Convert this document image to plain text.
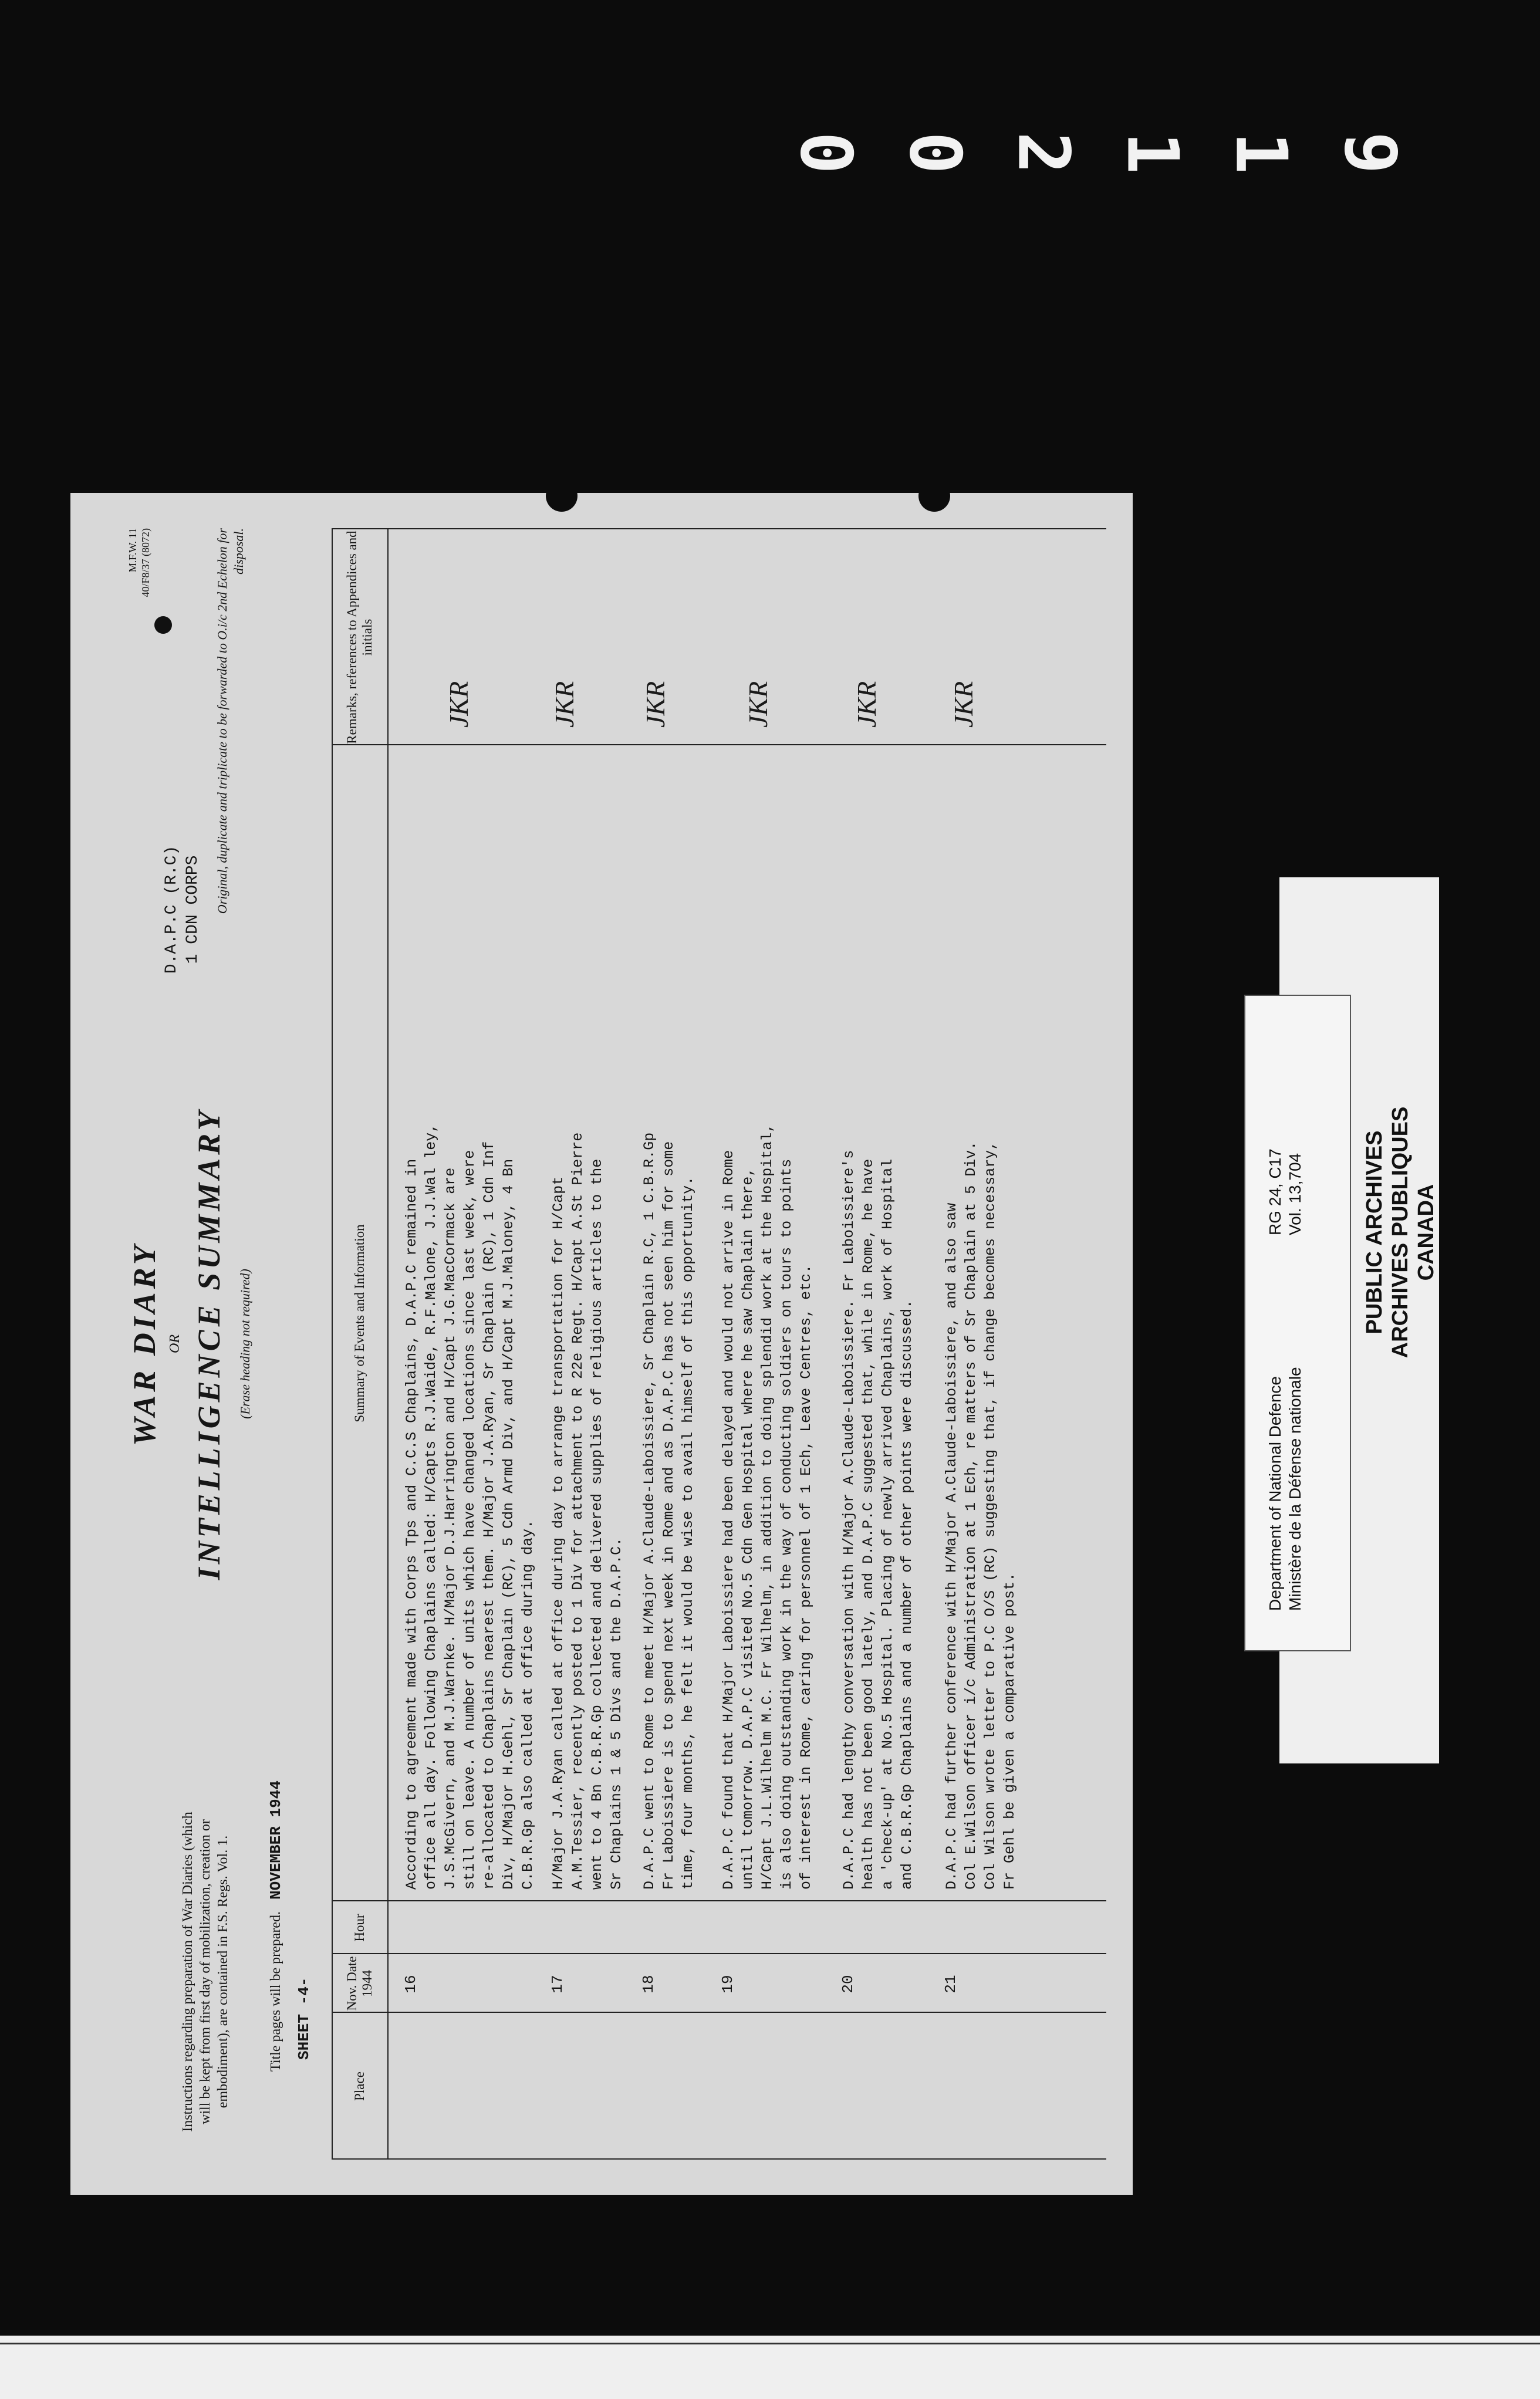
0 0 2 1 1 9
Instructions regarding preparation of War Diaries (which will be kept from first day of mobilization, creation or embodiment), are contained in F.S. Regs. Vol. 1.	Title pages will be prepared. NOVEMBER 1944
SHEET -4-
WAR DIARY OR INTELLIGENCE SUMMARY (Erase heading not required)
D.A.P.C (R.C) 1 CDN CORPS
M.F.W. 11
40/F8/37 (8072)	Original, duplicate and triplicate to be forwarded to O.i/c 2nd Echelon for disposal.
Place
Nov. Date 1944
Hour
Summary of Events and Information
Remarks, references to Appendices and initials
16
According to agreement made with Corps Tps and C.C.S Chaplains, D.A.P.C remained in
office all day. Following Chaplains called: H/Capts R.J.Waide, R.F.Malone, J.J.Wal ley,
J.S.McGivern, and M.J.Warnke. H/Major D.J.Harrington and H/Capt J.G.MacCormack are
still on leave. A number of units which have changed locations since last week, were
re-allocated to Chaplains nearest them. H/Major J.A.Ryan, Sr Chaplain (RC), 1 Cdn Inf
Div, H/Major H.Gehl, Sr Chaplain (RC), 5 Cdn Armd Div, and H/Capt M.J.Maloney, 4 Bn
C.B.R.Gp also called at office during day.
JKR
17
H/Major J.A.Ryan called at office during day to arrange transportation for H/Capt
A.M.Tessier, recently posted to 1 Div for attachment to R 22e Regt. H/Capt A.St Pierre
went to 4 Bn C.B.R.Gp collected and delivered supplies of religious articles to the
Sr Chaplains 1 & 5 Divs and the D.A.P.C.
JKR
18
D.A.P.C went to Rome to meet H/Major A.Claude-Laboissiere, Sr Chaplain R.C, 1 C.B.R.Gp
Fr Laboissiere is to spend next week in Rome and as D.A.P.C has not seen him for some
time, four months, he felt it would be wise to avail himself of this opportunity.
JKR
19
D.A.P.C found that H/Major Laboissiere had been delayed and would not arrive in Rome
until tomorrow. D.A.P.C visited No.5 Cdn Gen Hospital where he saw Chaplain there,
H/Capt J.L.Wilhelm M.C. Fr Wilhelm, in addition to doing splendid work at the Hospital,
is also doing outstanding work in the way of conducting soldiers on tours to points
of interest in Rome, caring for personnel of 1 Ech, Leave Centres, etc.
JKR
20
D.A.P.C had lengthy conversation with H/Major A.Claude-Laboissiere. Fr Laboissiere's
health has not been good lately, and D.A.P.C suggested that, while in Rome, he have
a 'check-up' at No.5 Hospital. Placing of newly arrived Chaplains, work of Hospital
and C.B.R.Gp Chaplains and a number of other points were discussed.
JKR
21
D.A.P.C had further conference with H/Major A.Claude-Laboissiere, and also saw
Col E.Wilson officer i/c Administration at 1 Ech, re matters of Sr Chaplain at 5 Div.
Col Wilson wrote letter to P.C O/S (RC) suggesting that, if change becomes necessary,
Fr Gehl be given a comparative post.
JKR
Department of National Defence Ministère de la Défense nationale
RG 24, C17 Vol. 13,704	PUBLIC ARCHIVES ARCHIVES PUBLIQUES CANADA
